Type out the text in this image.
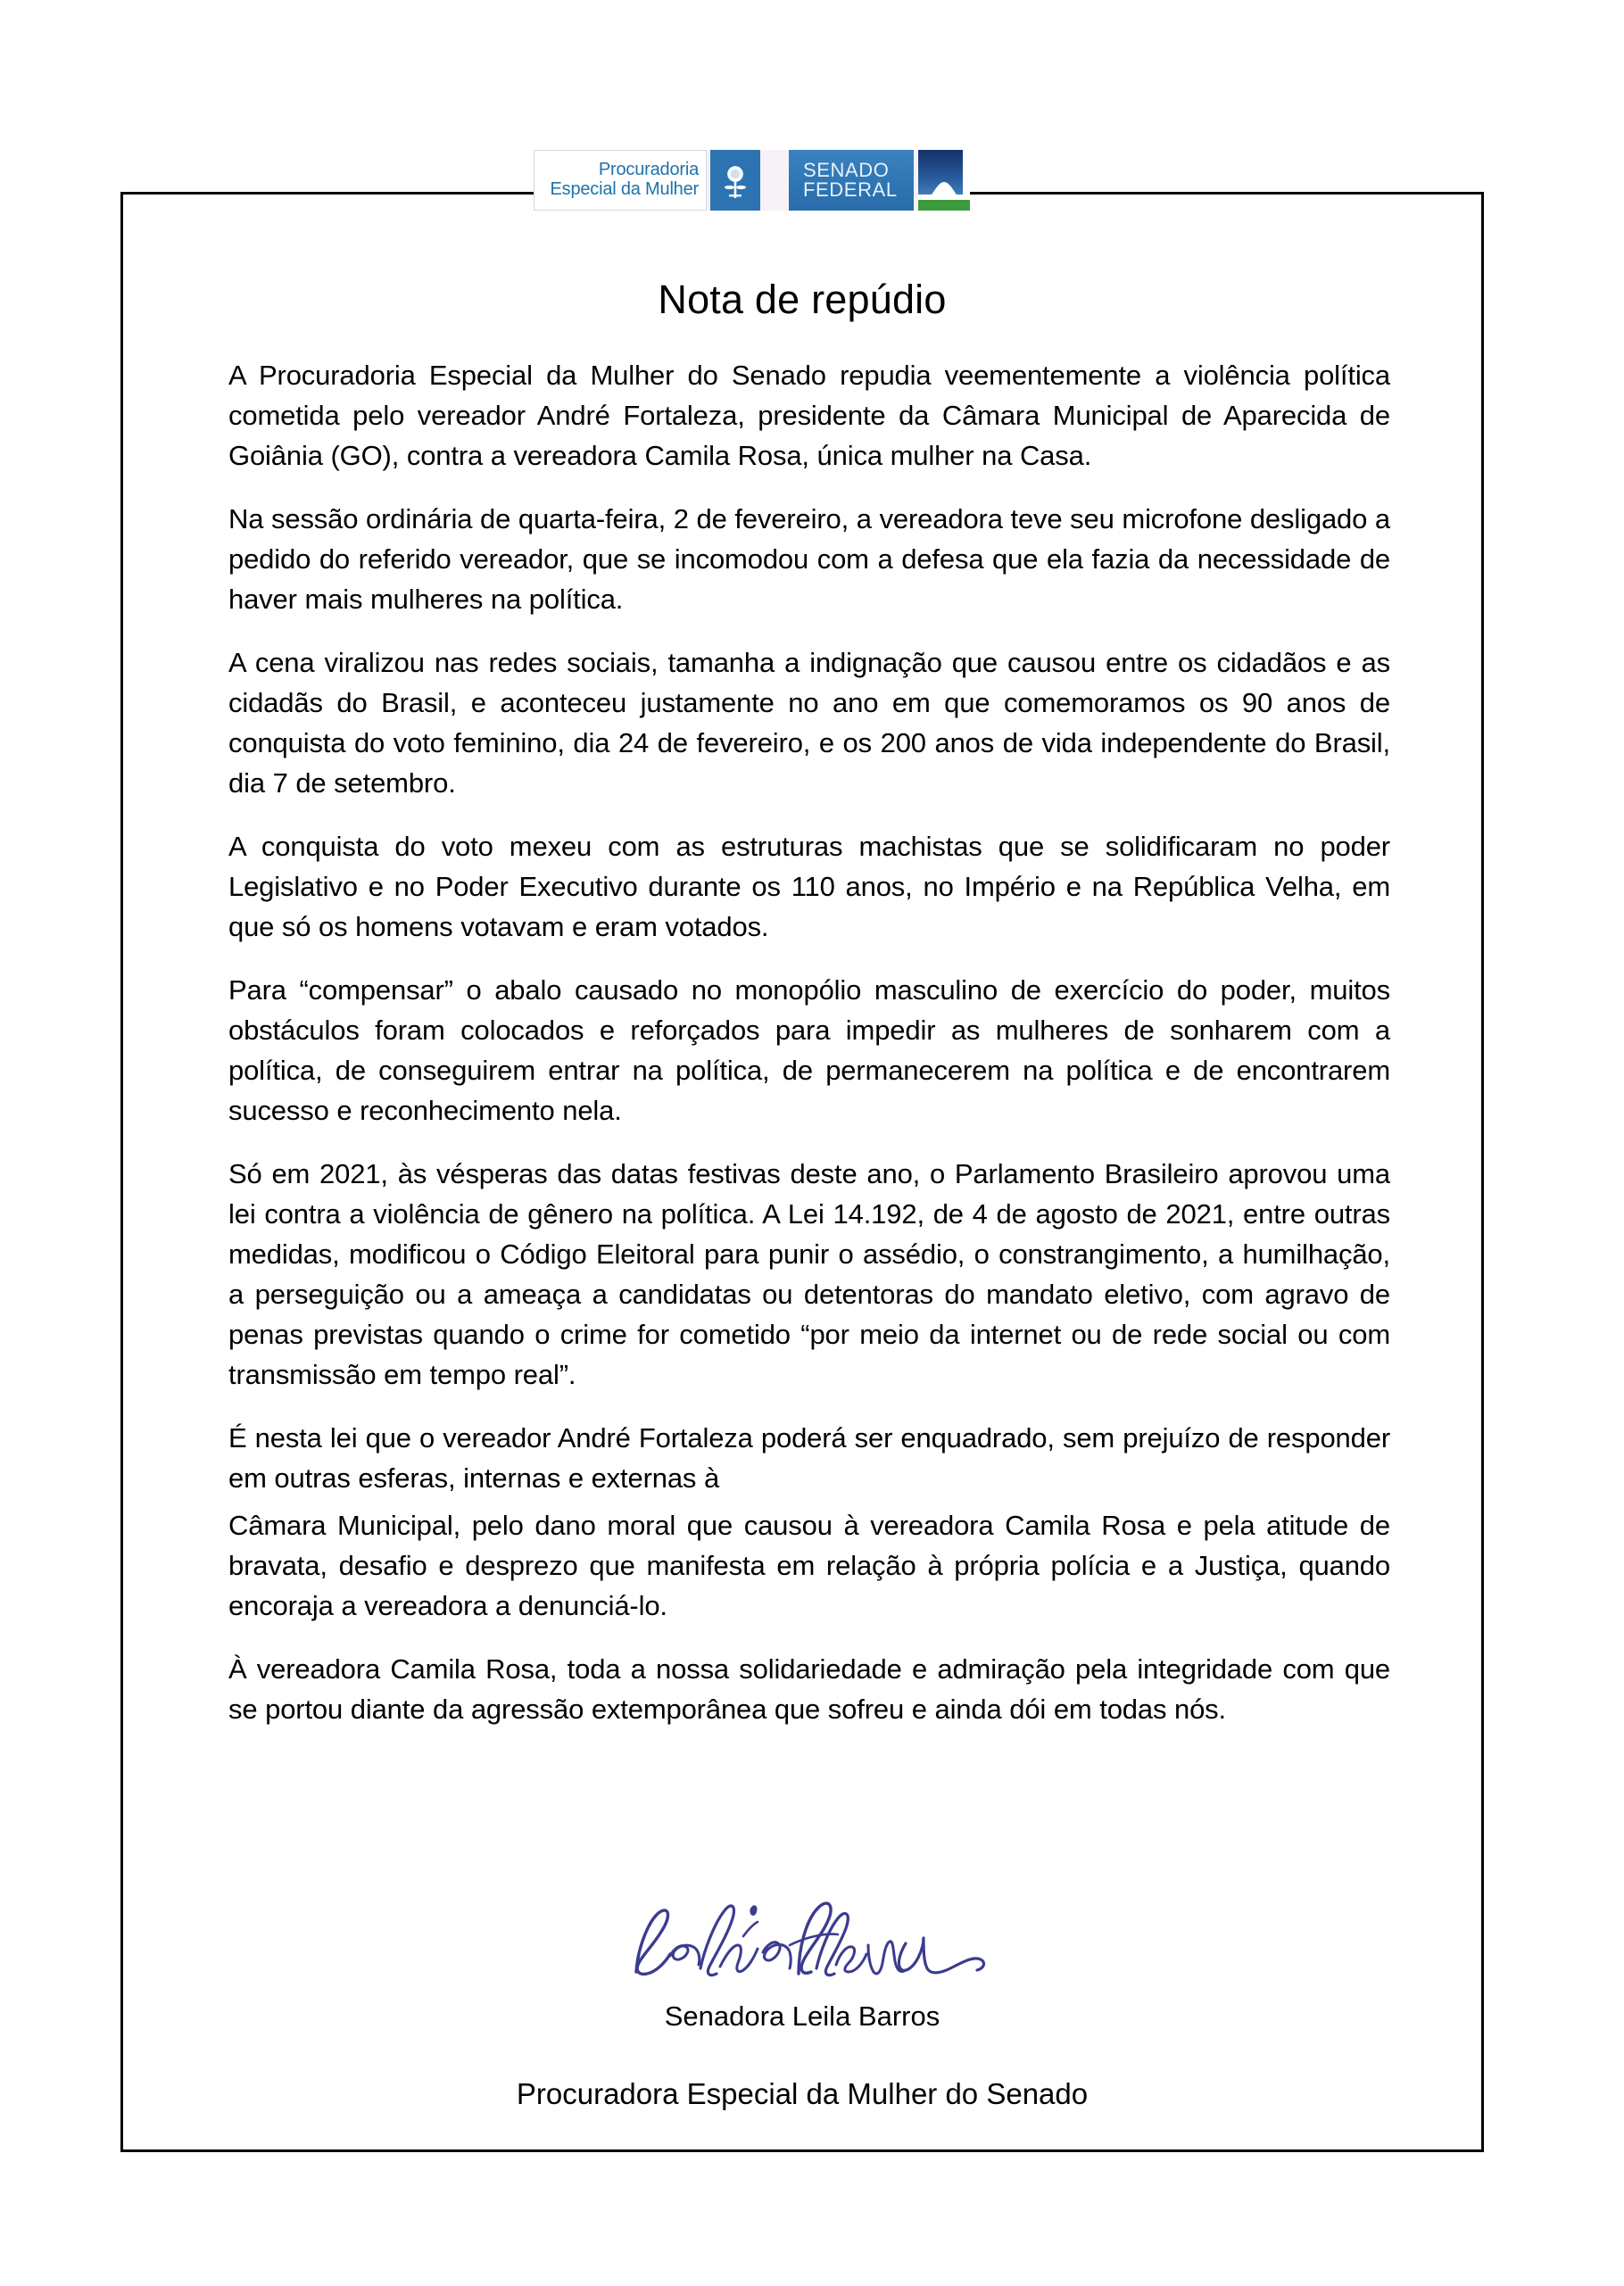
Procuradoria
Especial da Mulher
SENADO
FEDERAL
Nota de repúdio

A Procuradoria Especial da Mulher do Senado repudia veementemente a violência política cometida pelo vereador André Fortaleza, presidente da Câmara Municipal de Aparecida de Goiânia (GO), contra a vereadora Camila Rosa, única mulher na Casa.

Na sessão ordinária de quarta-feira, 2 de fevereiro, a vereadora teve seu microfone desligado a pedido do referido vereador, que se incomodou com a defesa que ela fazia da necessidade de haver mais mulheres na política.

A cena viralizou nas redes sociais, tamanha a indignação que causou entre os cidadãos e as cidadãs do Brasil, e aconteceu justamente no ano em que comemoramos os 90 anos de conquista do voto feminino, dia 24 de fevereiro, e os 200 anos de vida independente do Brasil, dia 7 de setembro.

A conquista do voto mexeu com as estruturas machistas que se solidificaram no poder Legislativo e no Poder Executivo durante os 110 anos, no Império e na República Velha, em que só os homens votavam e eram votados.

Para “compensar” o abalo causado no monopólio masculino de exercício do poder, muitos obstáculos foram colocados e reforçados para impedir as mulheres de sonharem com a política, de conseguirem entrar na política, de permanecerem na política e de encontrarem sucesso e reconhecimento nela.

Só em 2021, às vésperas das datas festivas deste ano, o Parlamento Brasileiro aprovou uma lei contra a violência de gênero na política. A Lei 14.192, de 4 de agosto de 2021, entre outras medidas, modificou o Código Eleitoral para punir o assédio, o constrangimento, a humilhação, a perseguição ou a ameaça a candidatas ou detentoras do mandato eletivo, com agravo de penas previstas quando o crime for cometido “por meio da internet ou de rede social ou com transmissão em tempo real”.

É nesta lei que o vereador André Fortaleza poderá ser enquadrado, sem prejuízo de responder em outras esferas, internas e externas à

Câmara Municipal, pelo dano moral que causou à vereadora Camila Rosa e pela atitude de bravata, desafio e desprezo que manifesta em relação à própria polícia e a Justiça, quando encoraja a vereadora a denunciá-lo.

À vereadora Camila Rosa, toda a nossa solidariedade e admiração pela integridade com que se portou diante da agressão extemporânea que sofreu e ainda dói em todas nós.

Senadora Leila Barros
Procuradora Especial da Mulher do Senado
